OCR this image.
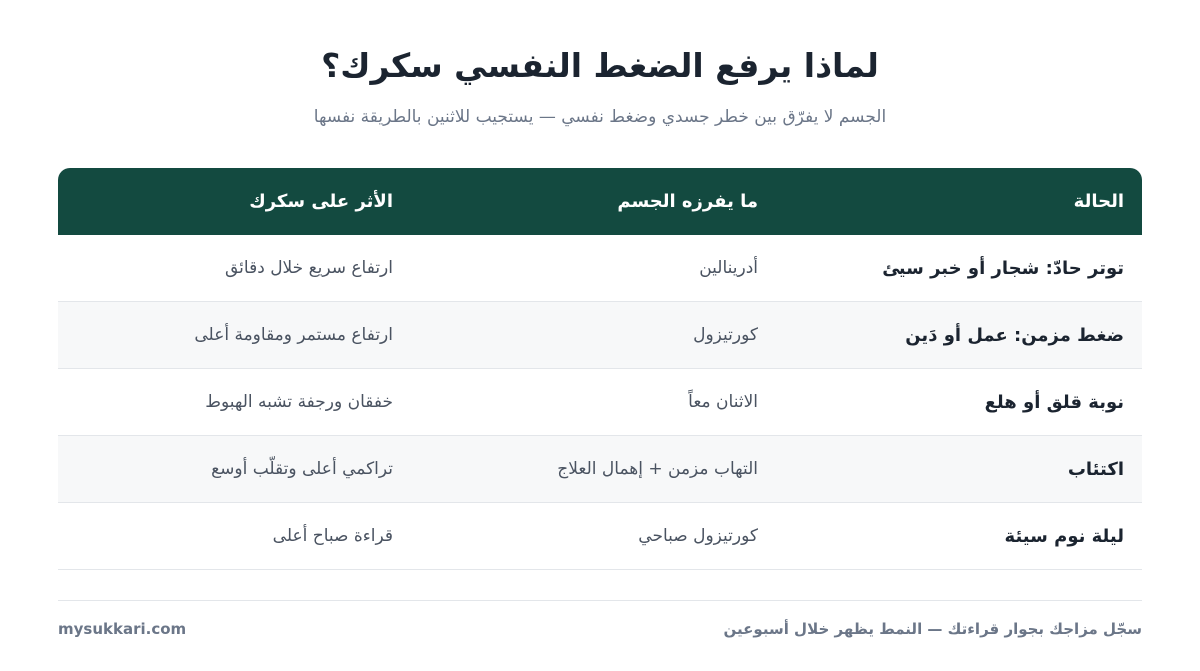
لماذا يرفع الضغط النفسي سكرك؟

الجسم لا يفرّق بين خطر جسدي وضغط نفسي — يستجيب للاثنين بالطريقة نفسها

الحالة	ما يفرزه الجسم	الأثر على سكرك
توتر حادّ: شجار أو خبر سيئ	أدرينالين	ارتفاع سريع خلال دقائق
ضغط مزمن: عمل أو دَين	كورتيزول	ارتفاع مستمر ومقاومة أعلى
نوبة قلق أو هلع	الاثنان معاً	خفقان ورجفة تشبه الهبوط
اكتئاب	التهاب مزمن + إهمال العلاج	تراكمي أعلى وتقلّب أوسع
ليلة نوم سيئة	كورتيزول صباحي	قراءة صباح أعلى
سجّل مزاجك بجوار قراءتك — النمط يظهر خلال أسبوعين
mysukkari.com
